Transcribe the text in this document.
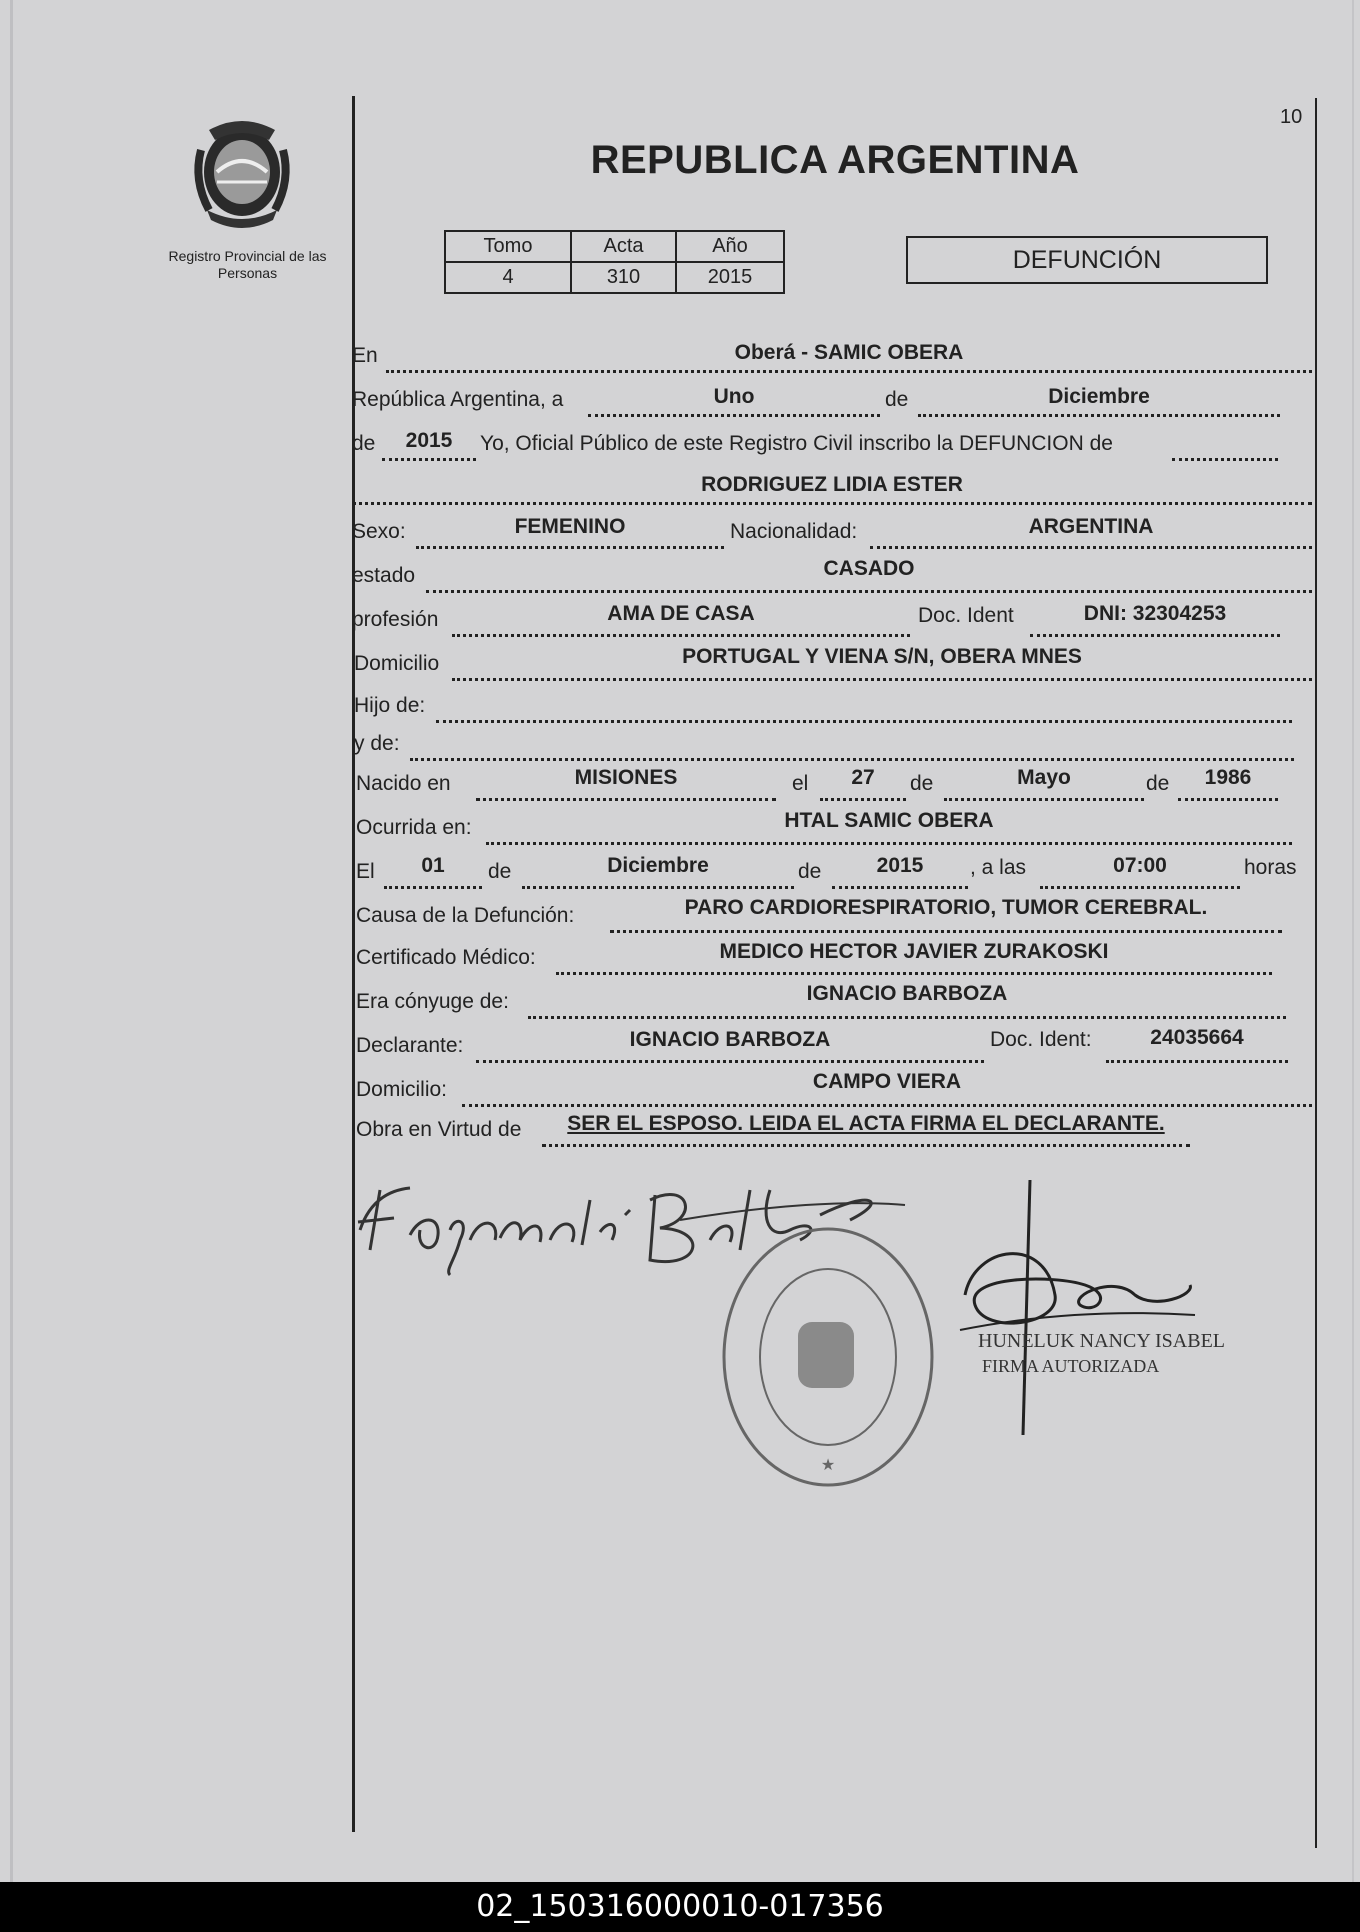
Registro Provincial de las Personas
10
REPUBLICA ARGENTINA
Tomo	Acta	Año
4	310	2015
DEFUNCIÓN
En	Oberá - SAMIC OBERA
República Argentina, a	Uno	de	Diciembre
de	2015	Yo, Oficial Público de este Registro Civil inscribo la DEFUNCION de
RODRIGUEZ LIDIA ESTER
Sexo:	FEMENINO	Nacionalidad:	ARGENTINA
estado	CASADO
profesión	AMA DE CASA	Doc. Ident	DNI: 32304253
Domicilio	PORTUGAL Y VIENA S/N, OBERA MNES
Hijo de:
y de:
Nacido en	MISIONES	el	27	de	Mayo	de	1986
Ocurrida en:	HTAL SAMIC OBERA
El	01	de	Diciembre	de	2015	, a las	07:00	horas
Causa de la Defunción:	PARO CARDIORESPIRATORIO, TUMOR CEREBRAL.
Certificado Médico:	MEDICO HECTOR JAVIER ZURAKOSKI
Era cónyuge de:	IGNACIO BARBOZA
Declarante:	IGNACIO BARBOZA	Doc. Ident:	24035664
Domicilio:	CAMPO VIERA
Obra en Virtud de	SER EL ESPOSO. LEIDA EL ACTA FIRMA EL DECLARANTE.
★
HUNELUK NANCY ISABEL
FIRMA AUTORIZADA
02_150316000010-017356
